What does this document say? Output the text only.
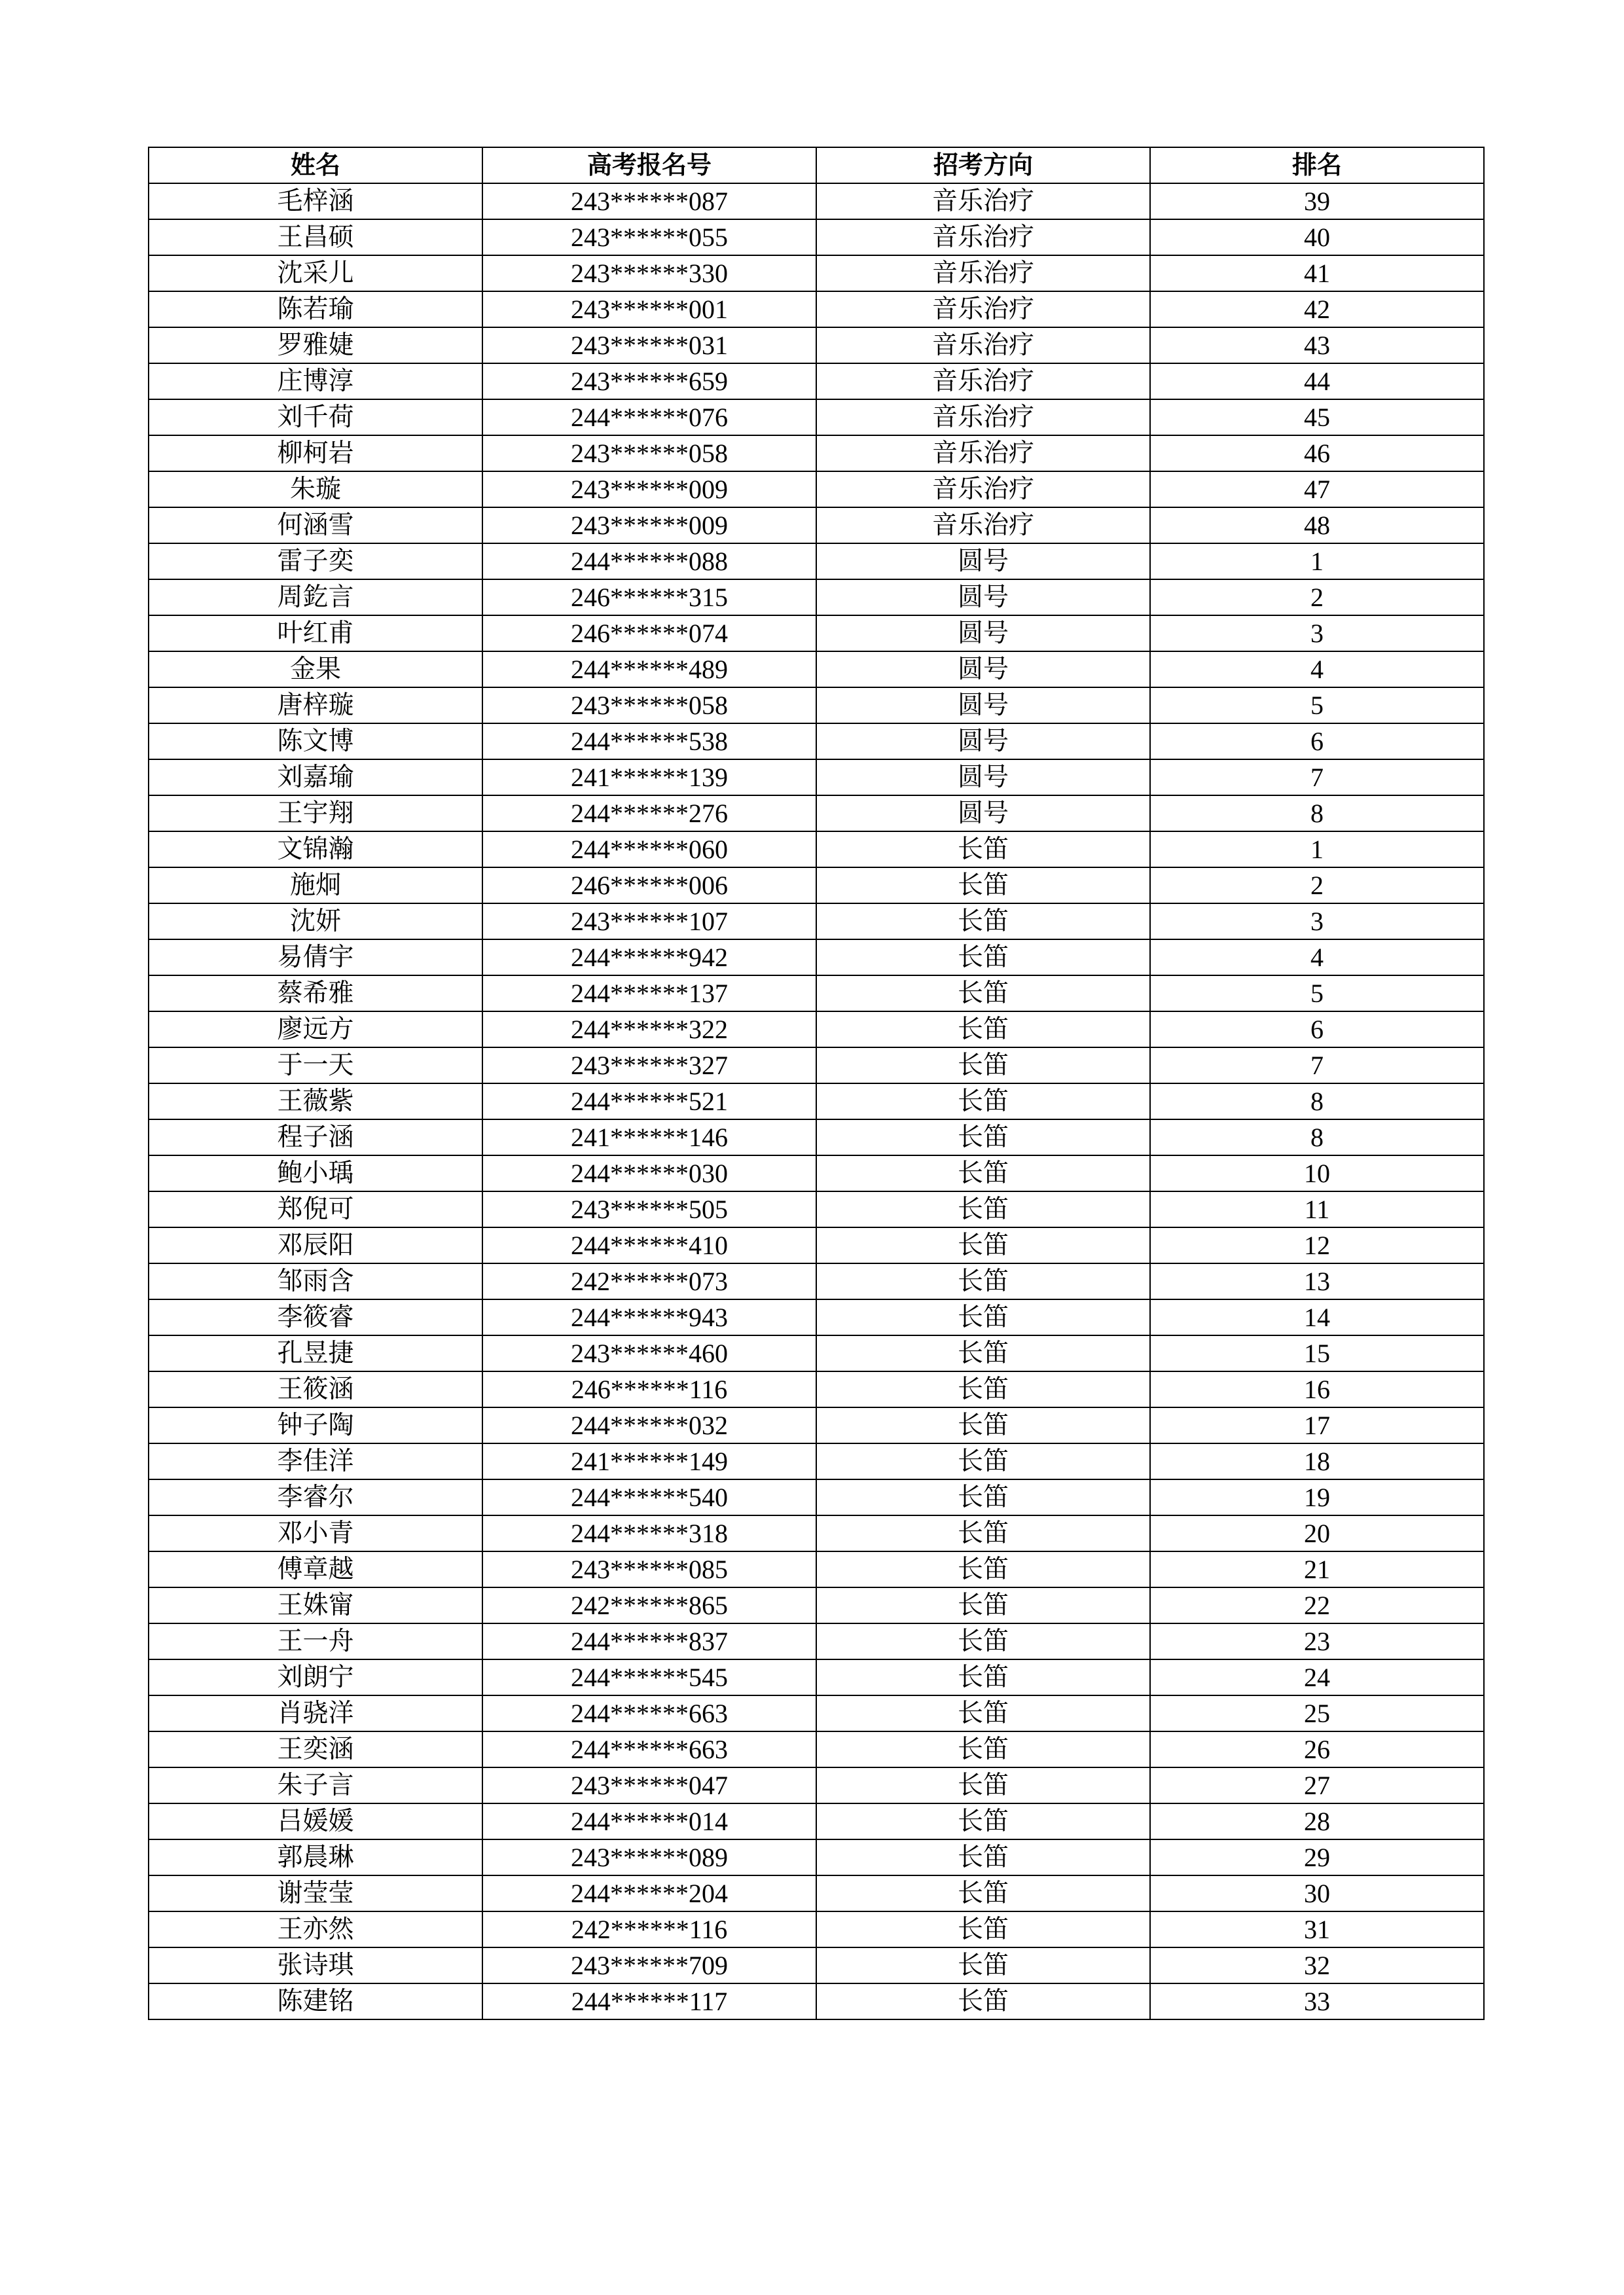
姓名	高考报名号	招考方向	排名
毛梓涵	243******087	音乐治疗	39
王昌硕	243******055	音乐治疗	40
沈采儿	243******330	音乐治疗	41
陈若瑜	243******001	音乐治疗	42
罗雅婕	243******031	音乐治疗	43
庄博淳	243******659	音乐治疗	44
刘千荷	244******076	音乐治疗	45
柳柯岩	243******058	音乐治疗	46
朱璇	243******009	音乐治疗	47
何涵雪	243******009	音乐治疗	48
雷子奕	244******088	圆号	1
周釳言	246******315	圆号	2
叶红甫	246******074	圆号	3
金果	244******489	圆号	4
唐梓璇	243******058	圆号	5
陈文博	244******538	圆号	6
刘嘉瑜	241******139	圆号	7
王宇翔	244******276	圆号	8
文锦瀚	244******060	长笛	1
施炯	246******006	长笛	2
沈妍	243******107	长笛	3
易倩宇	244******942	长笛	4
蔡希雅	244******137	长笛	5
廖远方	244******322	长笛	6
于一天	243******327	长笛	7
王薇紫	244******521	长笛	8
程子涵	241******146	长笛	8
鲍小瑀	244******030	长笛	10
郑倪可	243******505	长笛	11
邓辰阳	244******410	长笛	12
邹雨含	242******073	长笛	13
李筱睿	244******943	长笛	14
孔昱捷	243******460	长笛	15
王筱涵	246******116	长笛	16
钟子陶	244******032	长笛	17
李佳洋	241******149	长笛	18
李睿尔	244******540	长笛	19
邓小青	244******318	长笛	20
傅章越	243******085	长笛	21
王姝甯	242******865	长笛	22
王一舟	244******837	长笛	23
刘朗宁	244******545	长笛	24
肖骁洋	244******663	长笛	25
王奕涵	244******663	长笛	26
朱子言	243******047	长笛	27
吕媛媛	244******014	长笛	28
郭晨琳	243******089	长笛	29
谢莹莹	244******204	长笛	30
王亦然	242******116	长笛	31
张诗琪	243******709	长笛	32
陈建铭	244******117	长笛	33
